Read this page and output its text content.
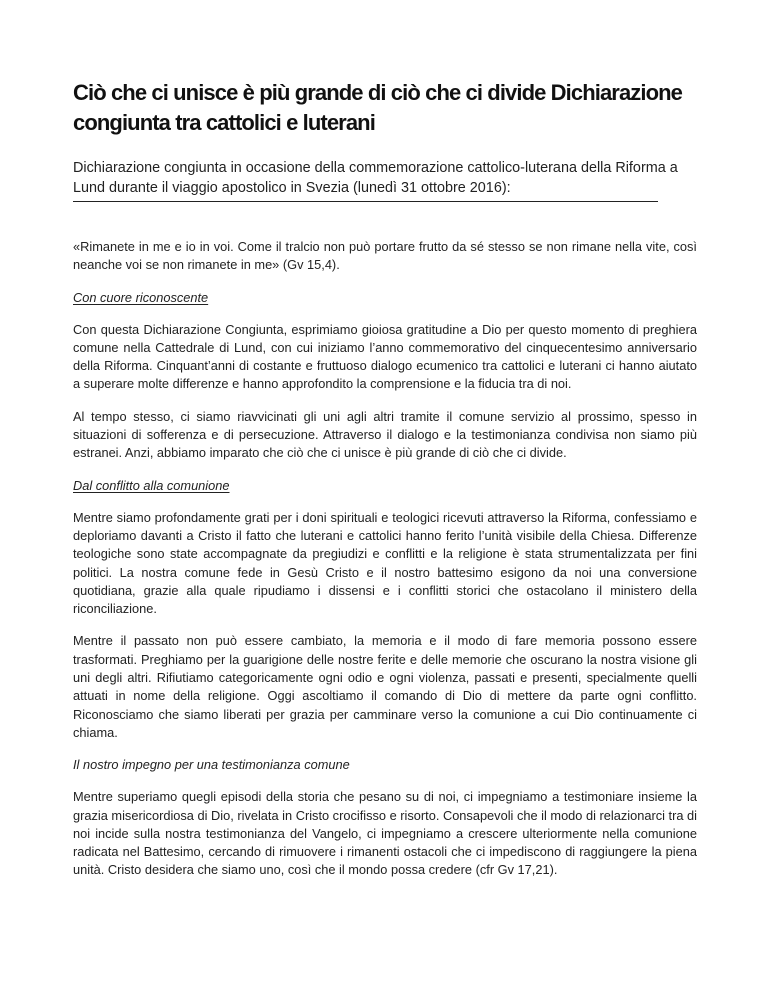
Ciò che ci unisce è più grande di ciò che ci divide Dichiarazione congiunta tra cattolici e luterani

Dichiarazione congiunta in occasione della commemorazione cattolico-luterana della Riforma a Lund durante il viaggio apostolico in Svezia (lunedì 31 ottobre 2016):

«Rimanete in me e io in voi. Come il tralcio non può portare frutto da sé stesso se non rimane nella vite, così neanche voi se non rimanete in me» (Gv 15,4).

Con cuore riconoscente

Con questa Dichiarazione Congiunta, esprimiamo gioiosa gratitudine a Dio per questo momento di preghiera comune nella Cattedrale di Lund, con cui iniziamo l’anno commemorativo del cinquecentesimo anniversario della Riforma. Cinquant’anni di costante e fruttuoso dialogo ecumenico tra cattolici e luterani ci hanno aiutato a superare molte differenze e hanno approfondito la comprensione e la fiducia tra di noi.

Al tempo stesso, ci siamo riavvicinati gli uni agli altri tramite il comune servizio al prossimo, spesso in situazioni di sofferenza e di persecuzione. Attraverso il dialogo e la testimonianza condivisa non siamo più estranei. Anzi, abbiamo imparato che ciò che ci unisce è più grande di ciò che ci divide.

Dal conflitto alla comunione

Mentre siamo profondamente grati per i doni spirituali e teologici ricevuti attraverso la Riforma, confessiamo e deploriamo davanti a Cristo il fatto che luterani e cattolici hanno ferito l’unità visibile della Chiesa. Differenze teologiche sono state accompagnate da pregiudizi e conflitti e la religione è stata strumentalizzata per fini politici. La nostra comune fede in Gesù Cristo e il nostro battesimo esigono da noi una conversione quotidiana, grazie alla quale ripudiamo i dissensi e i conflitti storici che ostacolano il ministero della riconciliazione.

Mentre il passato non può essere cambiato, la memoria e il modo di fare memoria possono essere trasformati. Preghiamo per la guarigione delle nostre ferite e delle memorie che oscurano la nostra visione gli uni degli altri. Rifiutiamo categoricamente ogni odio e ogni violenza, passati e presenti, specialmente quelli attuati in nome della religione. Oggi ascoltiamo il comando di Dio di mettere da parte ogni conflitto. Riconosciamo che siamo liberati per grazia per camminare verso la comunione a cui Dio continuamente ci chiama.

Il nostro impegno per una testimonianza comune

Mentre superiamo quegli episodi della storia che pesano su di noi, ci impegniamo a testimoniare insieme la grazia misericordiosa di Dio, rivelata in Cristo crocifisso e risorto. Consapevoli che il modo di relazionarci tra di noi incide sulla nostra testimonianza del Vangelo, ci impegniamo a crescere ulteriormente nella comunione radicata nel Battesimo, cercando di rimuovere i rimanenti ostacoli che ci impediscono di raggiungere la piena unità. Cristo desidera che siamo uno, così che il mondo possa credere (cfr Gv 17,21).
